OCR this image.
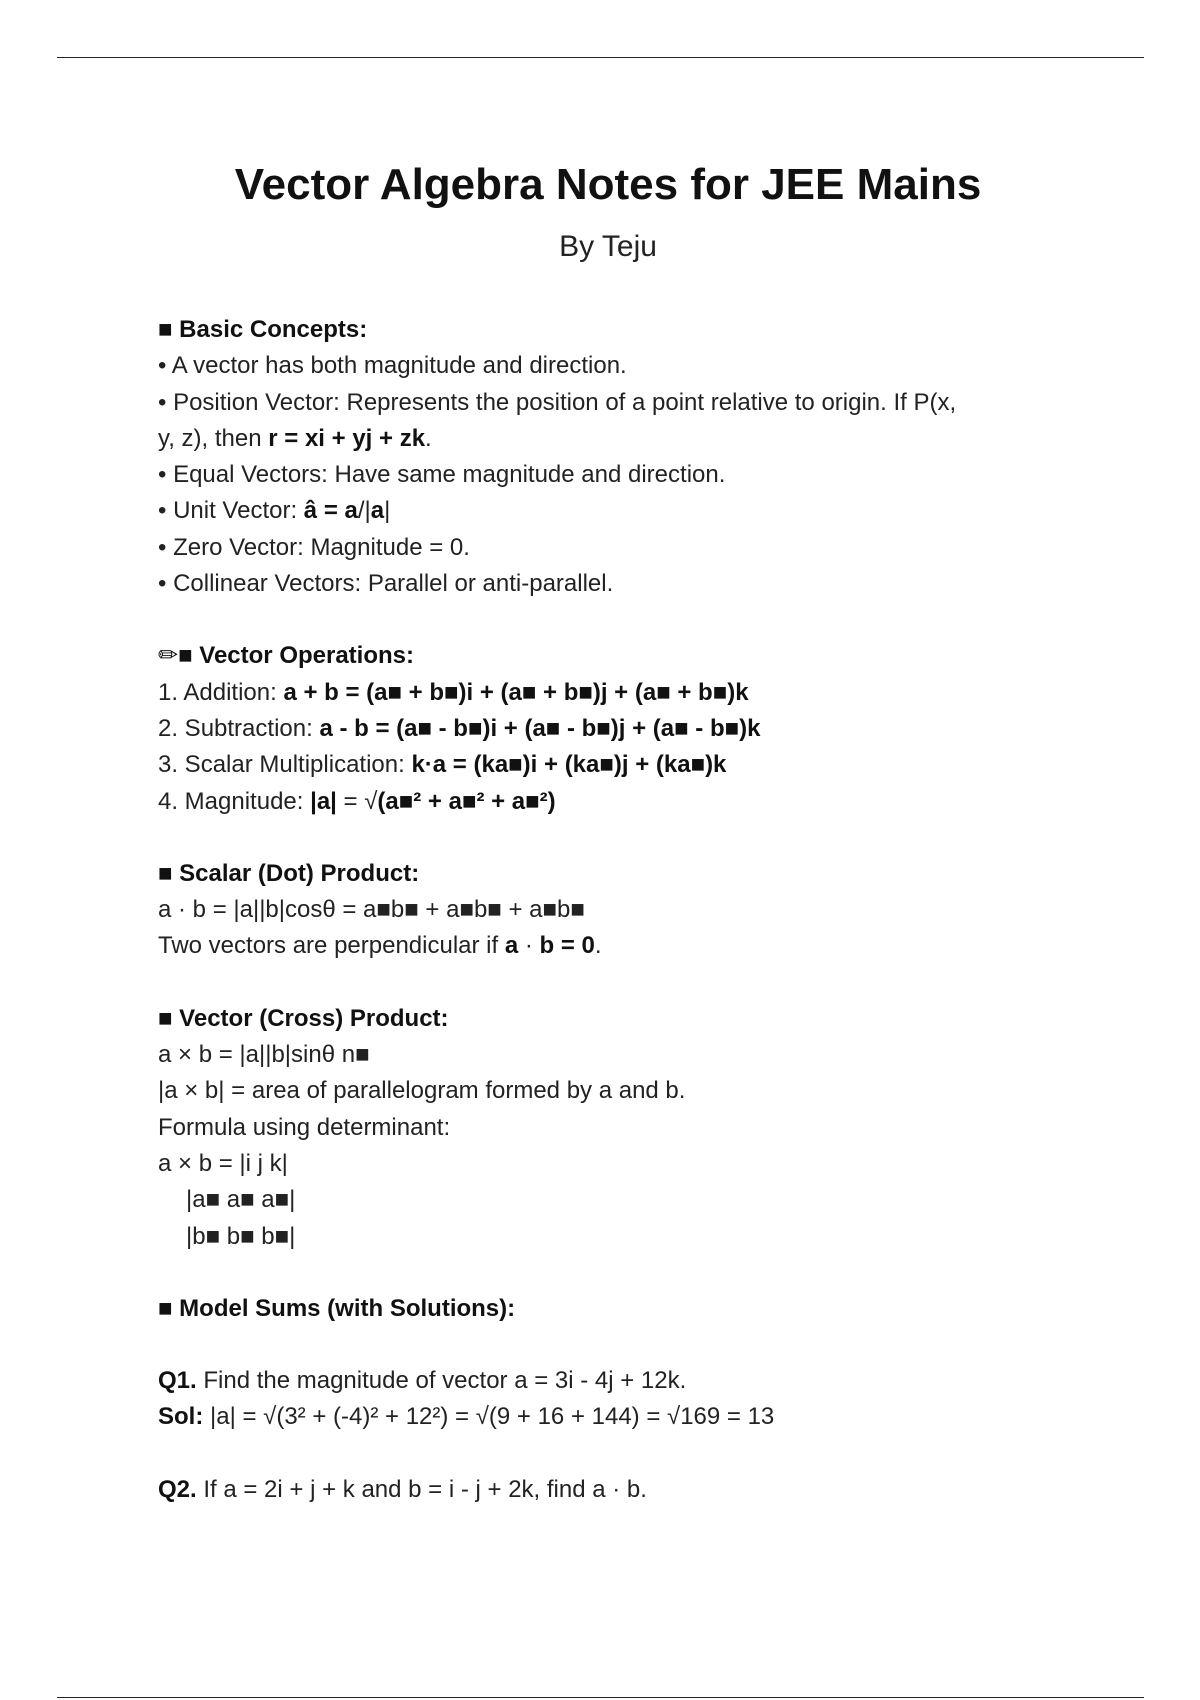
Vector Algebra Notes for JEE Mains
By Teju
■ Basic Concepts:
• A vector has both magnitude and direction.
• Position Vector: Represents the position of a point relative to origin. If P(x,
y, z), then r = xi + yj + zk.
• Equal Vectors: Have same magnitude and direction.
• Unit Vector: â = a/|a|
• Zero Vector: Magnitude = 0.
• Collinear Vectors: Parallel or anti-parallel.
✏■ Vector Operations:
1. Addition: a + b = (a■ + b■)i + (a■ + b■)j + (a■ + b■)k
2. Subtraction: a - b = (a■ - b■)i + (a■ - b■)j + (a■ - b■)k
3. Scalar Multiplication: k·a = (ka■)i + (ka■)j + (ka■)k
4. Magnitude: |a| = √(a■² + a■² + a■²)
■ Scalar (Dot) Product:
a · b = |a||b|cosθ = a■b■ + a■b■ + a■b■
Two vectors are perpendicular if a · b = 0.
■ Vector (Cross) Product:
a × b = |a||b|sinθ n■
|a × b| = area of parallelogram formed by a and b.
Formula using determinant:
a × b = |i j k|
|a■ a■ a■|
|b■ b■ b■|
■ Model Sums (with Solutions):
Q1. Find the magnitude of vector a = 3i - 4j + 12k.
Sol: |a| = √(3² + (-4)² + 12²) = √(9 + 16 + 144) = √169 = 13
Q2. If a = 2i + j + k and b = i - j + 2k, find a · b.
